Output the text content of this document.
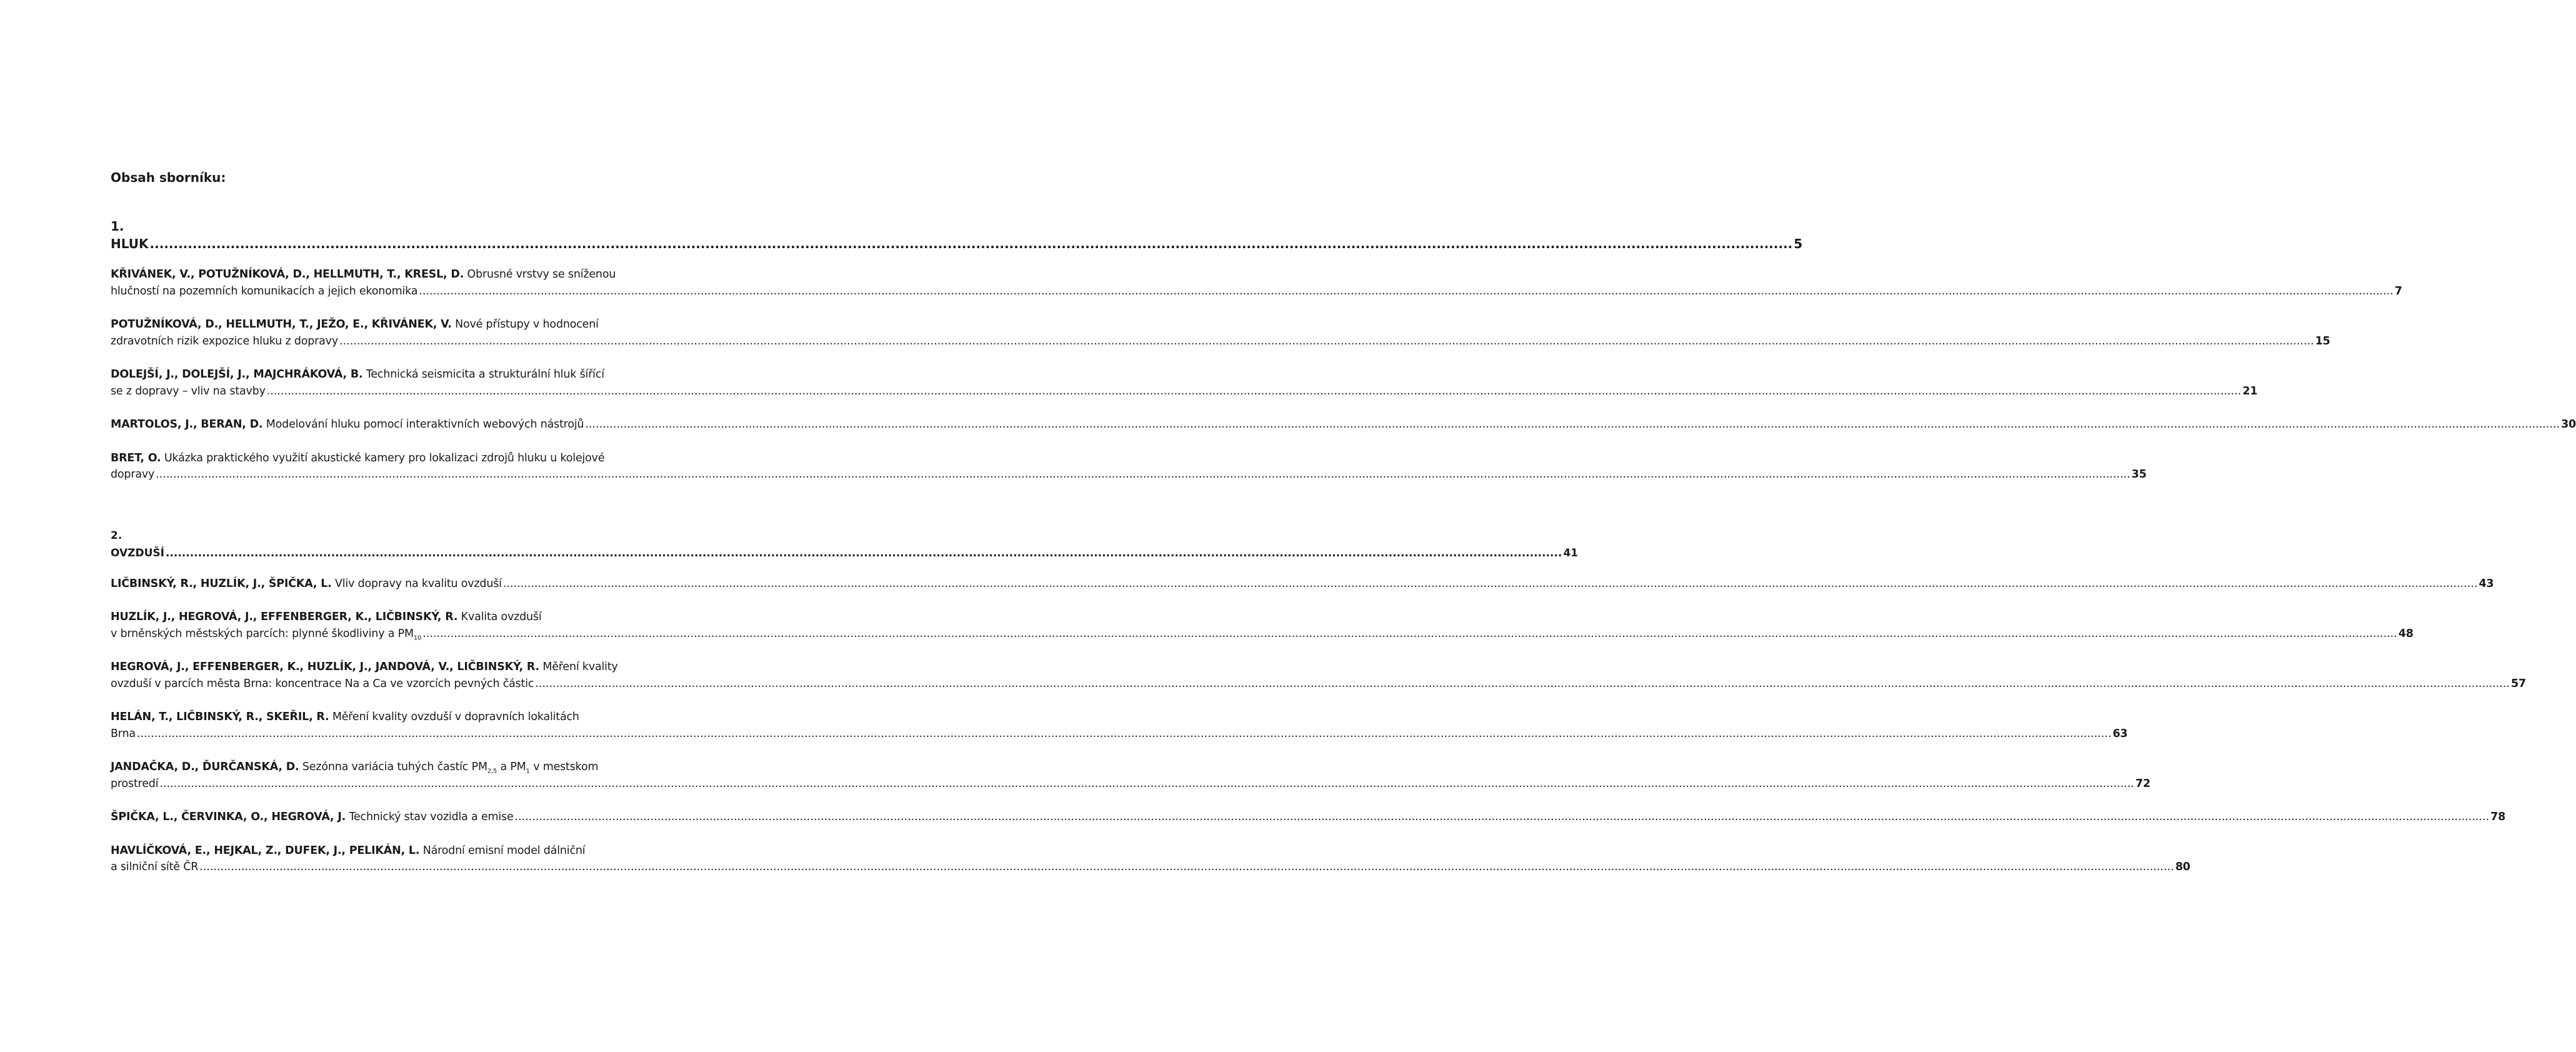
Obsah sborníku:
1. HLUK .....	5
KŘIVÁNEK, V., POTUŽNÍKOVÁ, D., HELLMUTH, T., KRESL, D. Obrusné vrstvy se sníženou
hlučností na pozemních komunikacích a jejich ekonomika .....	7
POTUŽNÍKOVÁ, D., HELLMUTH, T., JEŽO, E., KŘIVÁNEK, V. Nové přístupy v hodnocení
zdravotních rizik expozice hluku z dopravy .....	15
DOLEJŠÍ, J., DOLEJŠÍ, J., MAJCHRÁKOVÁ, B. Technická seismicita a strukturální hluk šířící
se z dopravy – vliv na stavby .....	21
MARTOLOS, J., BERAN, D. Modelování hluku pomocí interaktivních webových nástrojů .....	30
BRET, O. Ukázka praktického využití akustické kamery pro lokalizaci zdrojů hluku u kolejové
dopravy .....	35
2. OVZDUŠÍ .....	41
LIČBINSKÝ, R., HUZLÍK, J., ŠPIČKA, L. Vliv dopravy na kvalitu ovzduší .....	43
HUZLÍK, J., HEGROVÁ, J., EFFENBERGER, K., LIČBINSKÝ, R. Kvalita ovzduší
v brněnských městských parcích: plynné škodliviny a $PM_{10}$ .....	48
HEGROVÁ, J., EFFENBERGER, K., HUZLÍK, J., JANDOVÁ, V., LIČBINSKÝ, R. Měření kvality
ovzduší v parcích města Brna: koncentrace Na a Ca ve vzorcích pevných částic .....	57
HELÁN, T., LIČBINSKÝ, R., SKEŘIL, R. Měření kvality ovzduší v dopravních lokalitách
Brna .....	63
JANDAČKA, D., ĎURČANSKÁ, D. Sezónna variácia tuhých častíc $PM_{2,5}$ a $PM_1$ v mestskom
prostredí .....	72
ŠPIČKA, L., ČERVINKA, O., HEGROVÁ, J. Technický stav vozidla a emise .....	78
HAVLÍČKOVÁ, E., HEJKAL, Z., DUFEK, J., PELIKÁN, L. Národní emisní model dálniční
a silniční sítě ČR .....	80
